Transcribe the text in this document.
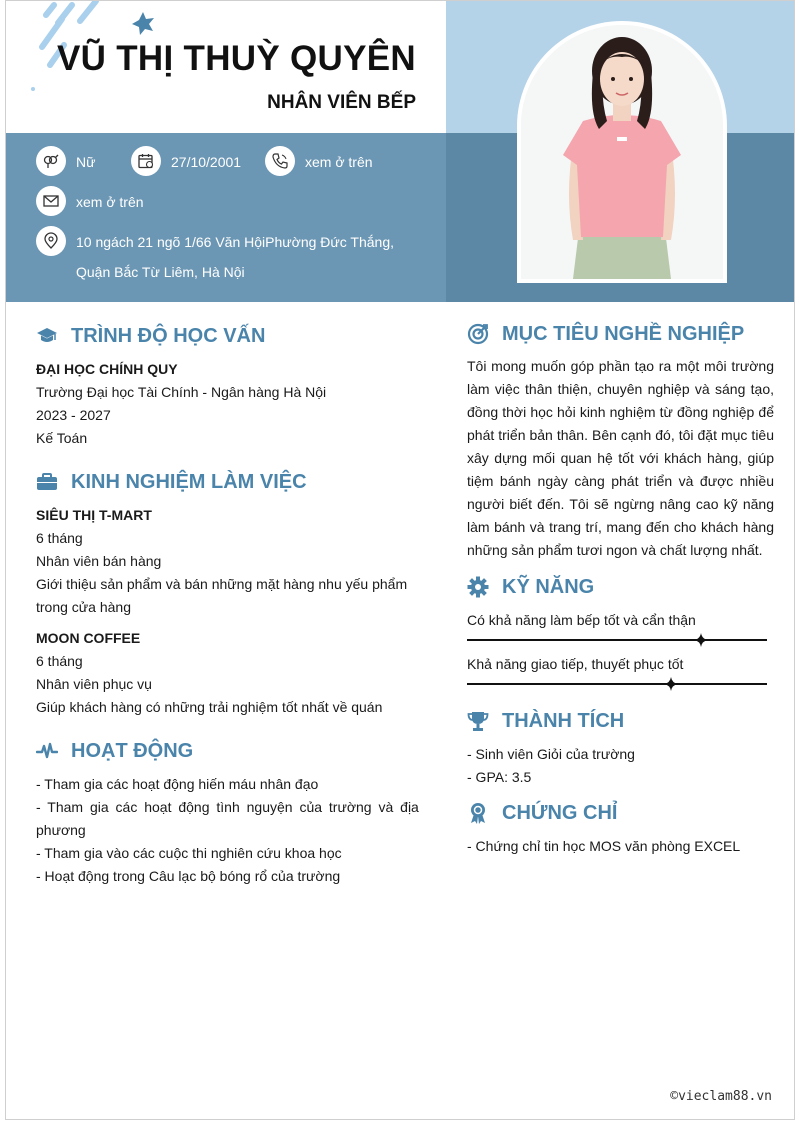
VŨ THỊ THUỲ QUYÊN
NHÂN VIÊN BẾP
Nữ	27/10/2001	xem ở trên
xem ở trên
10 ngách 21 ngõ 1/66 Văn HộiPhường Đức Thắng,
Quận Bắc Từ Liêm, Hà Nội
TRÌNH ĐỘ HỌC VẤN
ĐẠI HỌC CHÍNH QUY
Trường Đại học Tài Chính - Ngân hàng Hà Nội
2023 - 2027
Kế Toán
KINH NGHIỆM LÀM VIỆC
SIÊU THỊ T-MART
6 tháng
Nhân viên bán hàng
Giới thiệu sản phẩm và bán những mặt hàng nhu yếu phẩm
trong cửa hàng
MOON COFFEE
6 tháng
Nhân viên phục vụ
Giúp khách hàng có những trải nghiệm tốt nhất về quán
HOẠT ĐỘNG
- Tham gia các hoạt động hiến máu nhân đạo
- Tham gia các hoạt động tình nguyện của trường và địa
phương
- Tham gia vào các cuộc thi nghiên cứu khoa học
- Hoạt động trong Câu lạc bộ bóng rổ của trường
MỤC TIÊU NGHỀ NGHIỆP
Tôi mong muốn góp phần tạo ra một môi trường làm việc thân thiện, chuyên nghiệp và sáng tạo, đồng thời học hỏi kinh nghiệm từ đồng nghiệp để phát triển bản thân. Bên cạnh đó, tôi đặt mục tiêu xây dựng mối quan hệ tốt với khách hàng, giúp tiệm bánh ngày càng phát triển và được nhiều người biết đến. Tôi sẽ ngừng nâng cao kỹ năng làm bánh và trang trí, mang đến cho khách hàng những sản phẩm tươi ngon và chất lượng nhất.
KỸ NĂNG
Có khả năng làm bếp tốt và cẩn thận
Khả năng giao tiếp, thuyết phục tốt
THÀNH TÍCH
- Sinh viên Giỏi của trường
- GPA: 3.5
CHỨNG CHỈ
- Chứng chỉ tin học MOS văn phòng EXCEL
©vieclam88.vn
